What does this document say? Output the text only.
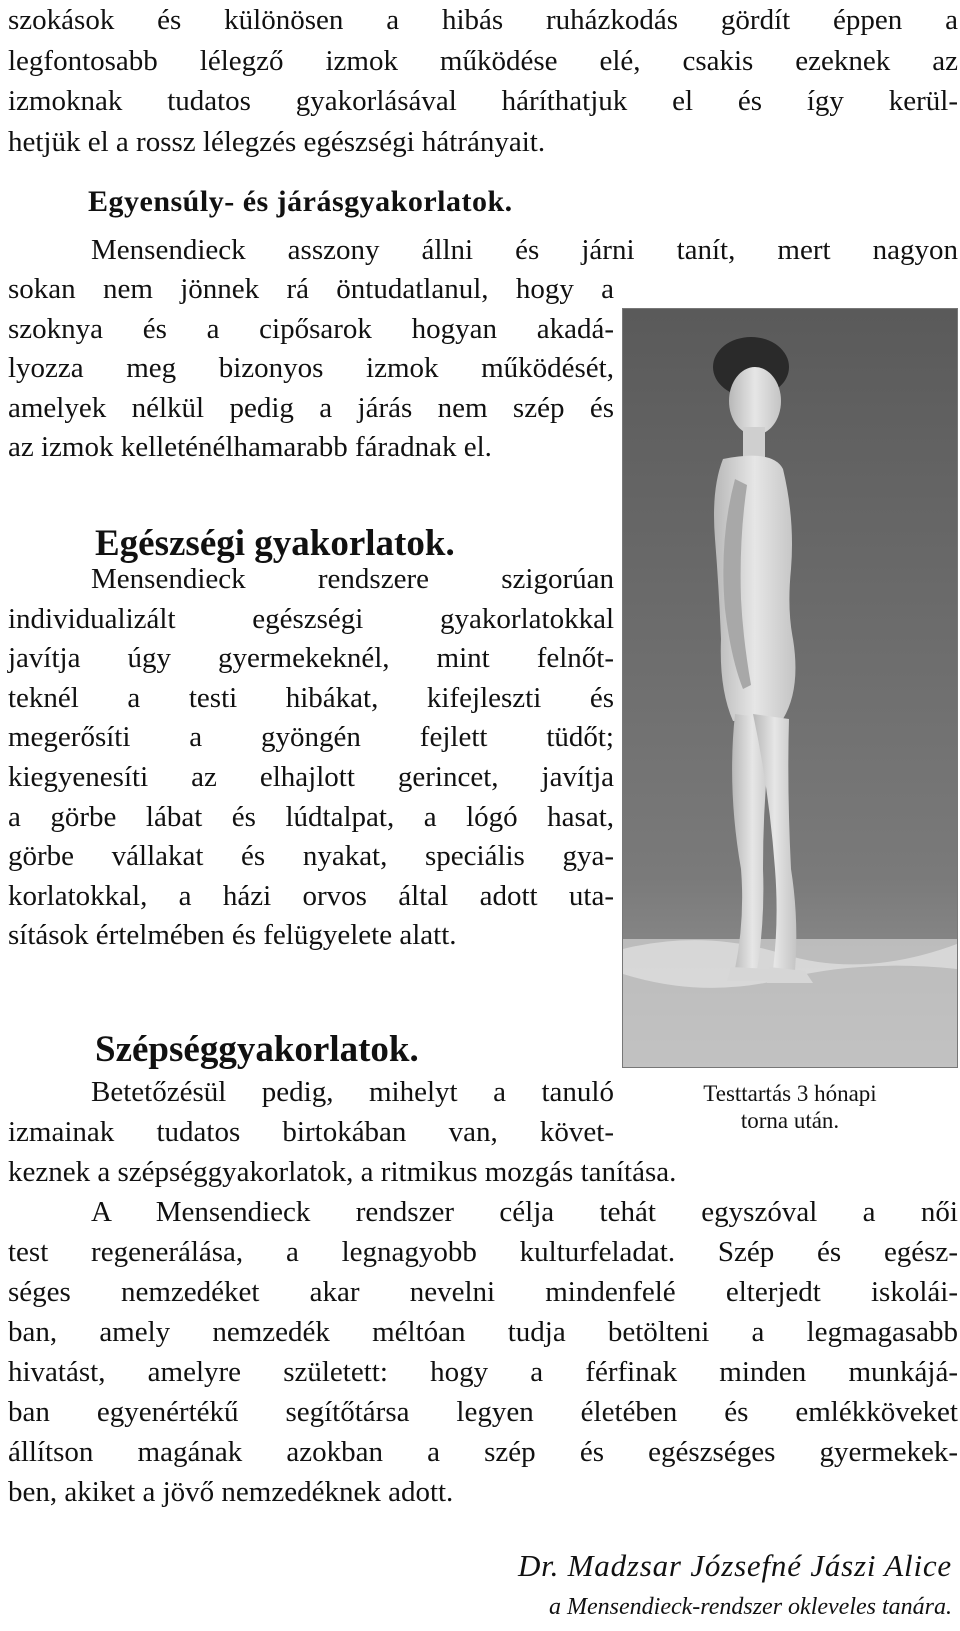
szokások és különösen a hibás ruházkodás gördít éppen a
legfontosabb lélegző izmok működése elé, csakis ezeknek az
izmoknak tudatos gyakorlásával háríthatjuk el és így kerül-
hetjük el a rossz lélegzés egészségi hátrányait.

Egyensúly- és járásgyakorlatok.

Mensendieck asszony állni és járni tanít, mert nagyon

sokan nem jönnek rá öntudatlanul, hogy a
szoknya és a cipősarok hogyan akadá-
lyozza meg bizonyos izmok működését,
amelyek nélkül pedig a járás nem szép és
az izmok kelleténélhamarabb fáradnak el.

Egészségi gyakorlatok.

Mensendieck rendszere szigorúan
individualizált egészségi gyakorlatokkal
javítja úgy gyermekeknél, mint felnőt-
teknél a testi hibákat, kifejleszti és
megerősíti a gyöngén fejlett tüdőt;
kiegyenesíti az elhajlott gerincet, javítja
a görbe lábat és lúdtalpat, a lógó hasat,
görbe vállakat és nyakat, speciális gya-
korlatokkal, a házi orvos által adott uta-
sítások értelmében és felügyelete alatt.

Testtartás 3 hónapi
torna után.

Szépséggyakorlatok.

Betetőzésül pedig, mihelyt a tanuló
izmainak tudatos birtokában van, követ-

keznek a szépséggyakorlatok, a ritmikus mozgás tanítása.
A Mensendieck rendszer célja tehát egyszóval a női
test regenerálása, a legnagyobb kulturfeladat. Szép és egész-
séges nemzedéket akar nevelni mindenfelé elterjedt iskolái-
ban, amely nemzedék méltóan tudja betölteni a legmagasabb
hivatást, amelyre született: hogy a férfinak minden munkájá-
ban egyenértékű segítőtársa legyen életében és emlékköveket
állítson magának azokban a szép és egészséges gyermekek-
ben, akiket a jövő nemzedéknek adott.

Dr. Madzsar Józsefné Jászi Alice

a Mensendieck-rendszer okleveles tanára.
